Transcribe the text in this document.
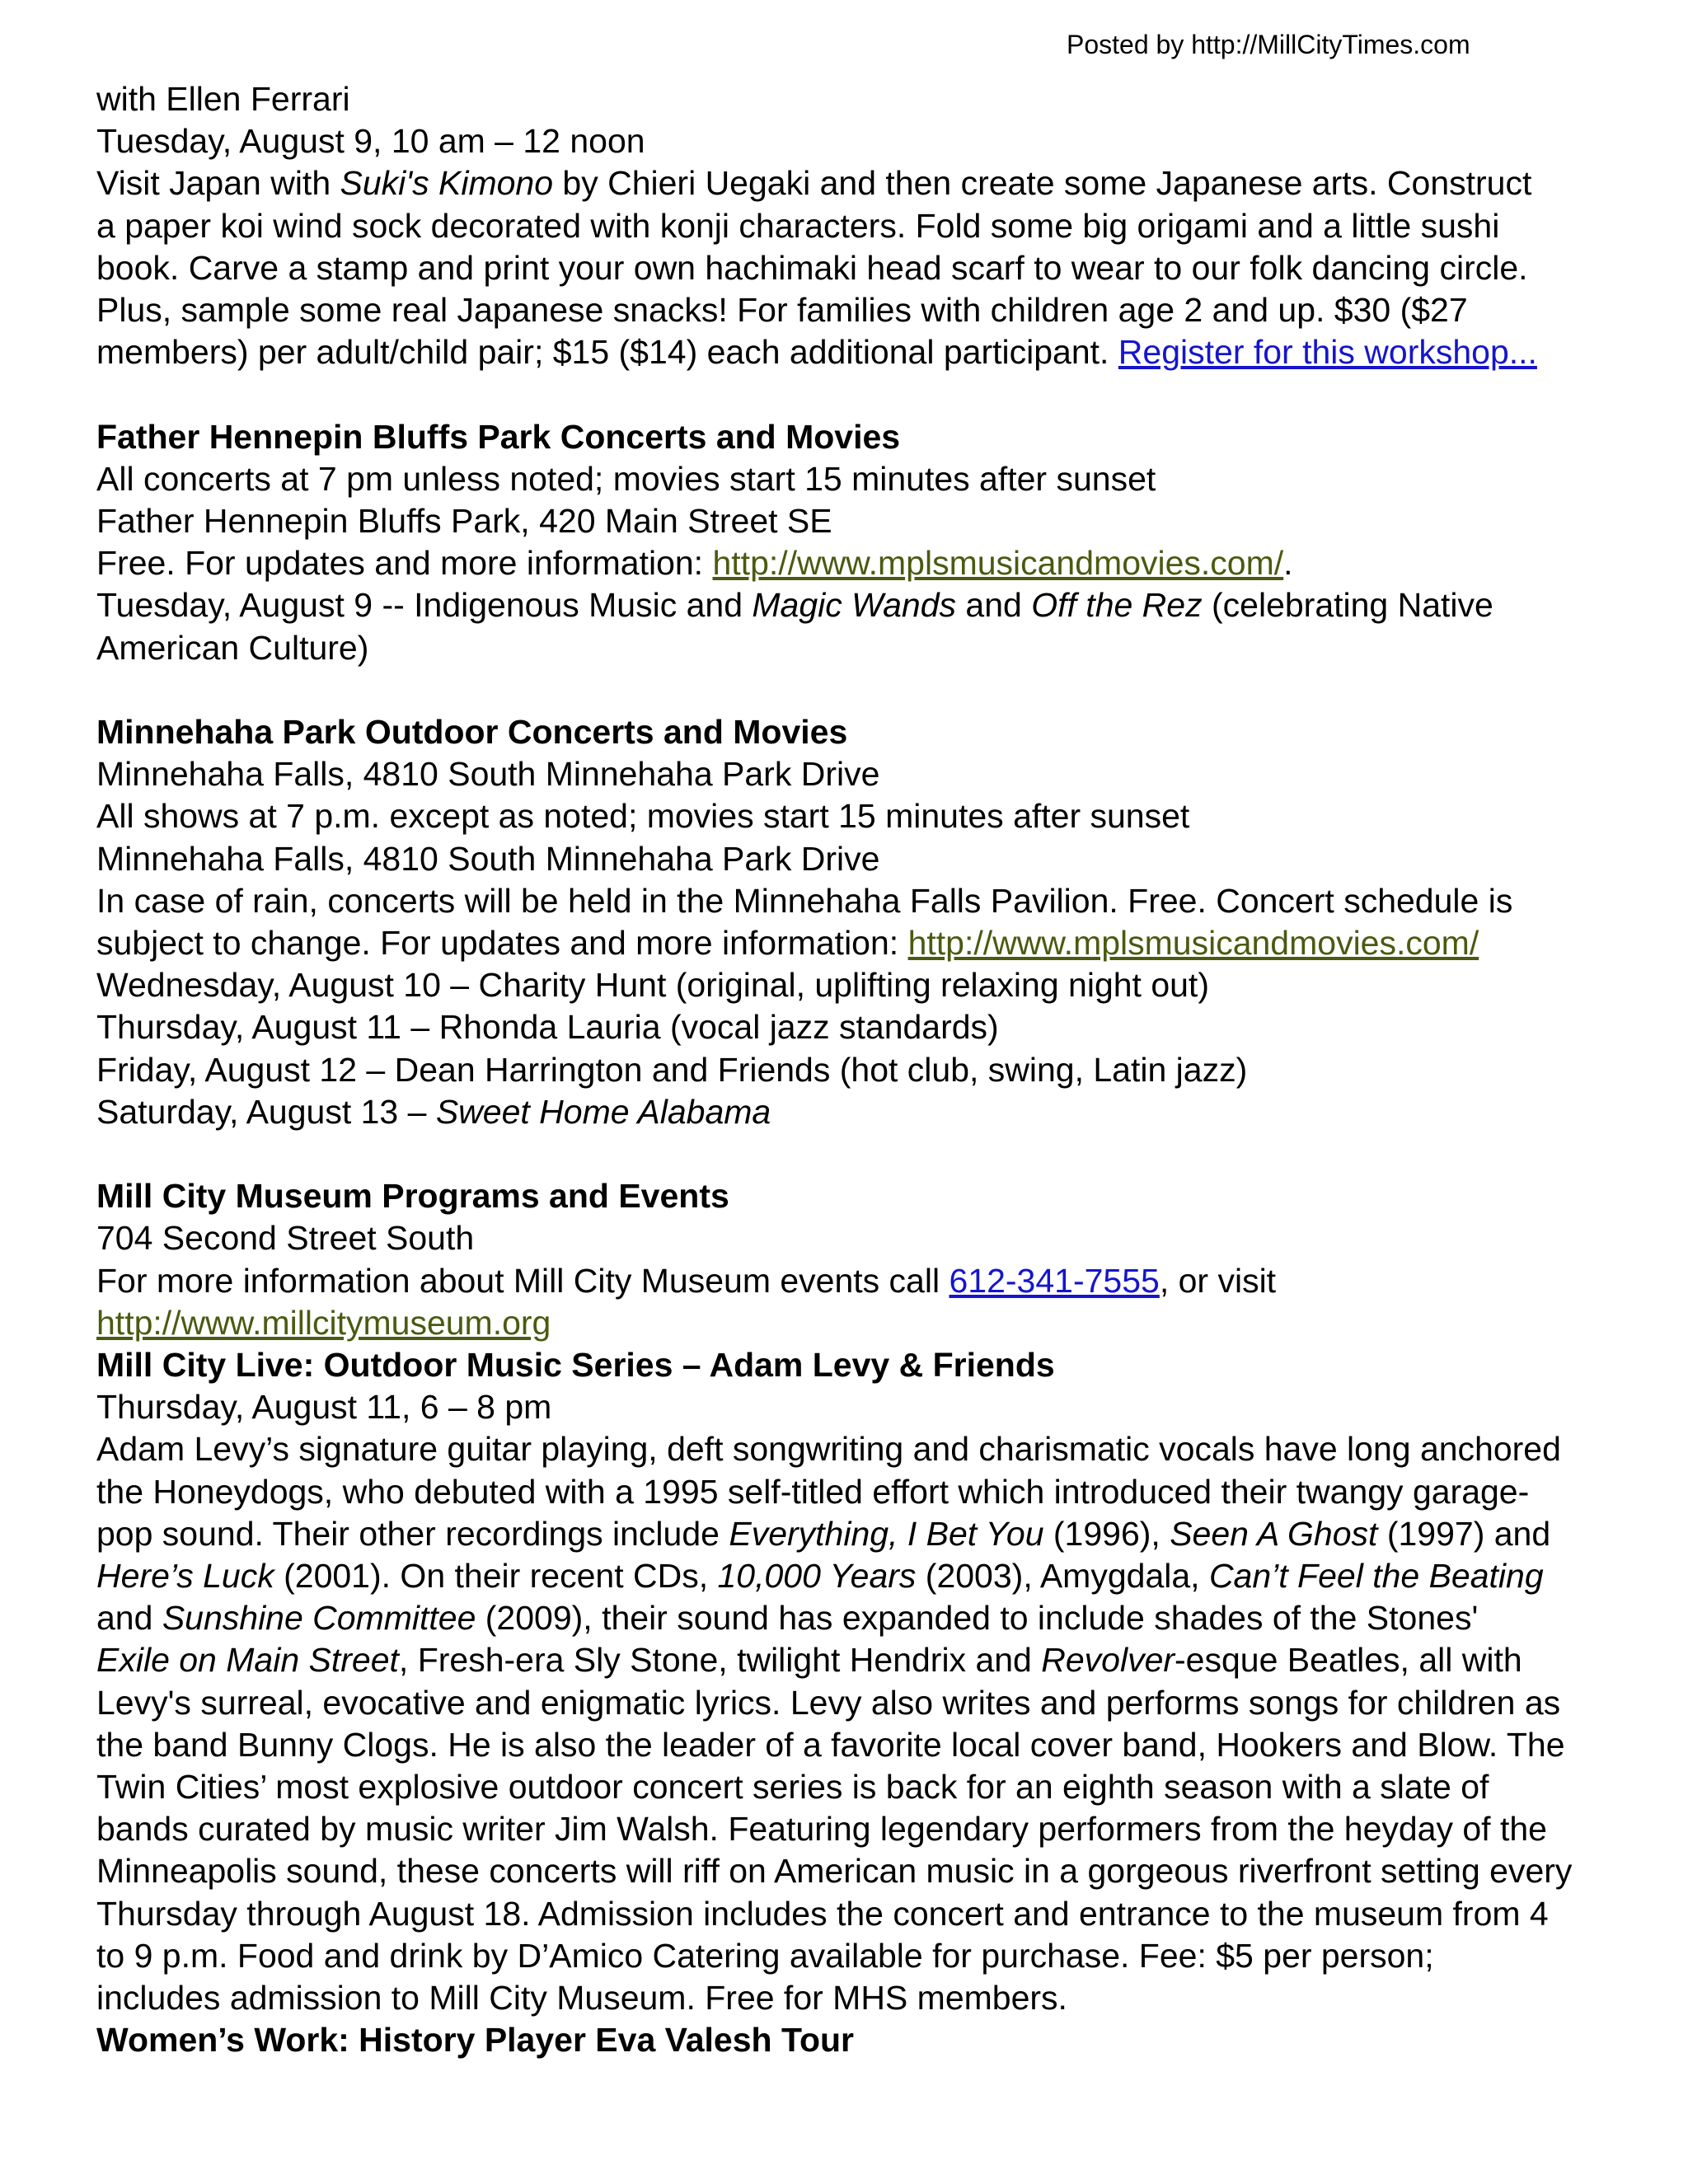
Posted by http://MillCityTimes.com

with Ellen Ferrari

Tuesday, August 9, 10 am – 12 noon

Visit Japan with Suki's Kimono by Chieri Uegaki and then create some Japanese arts. Construct

a paper koi wind sock decorated with konji characters. Fold some big origami and a little sushi

book. Carve a stamp and print your own hachimaki head scarf to wear to our folk dancing circle.

Plus, sample some real Japanese snacks! For families with children age 2 and up. $30 ($27

members) per adult/child pair; $15 ($14) each additional participant. Register for this workshop...

Father Hennepin Bluffs Park Concerts and Movies

All concerts at 7 pm unless noted; movies start 15 minutes after sunset

Father Hennepin Bluffs Park, 420 Main Street SE

Free. For updates and more information: http://www.mplsmusicandmovies.com/.

Tuesday, August 9 -- Indigenous Music and Magic Wands and Off the Rez (celebrating Native

American Culture)

Minnehaha Park Outdoor Concerts and Movies

Minnehaha Falls, 4810 South Minnehaha Park Drive

All shows at 7 p.m. except as noted; movies start 15 minutes after sunset

Minnehaha Falls, 4810 South Minnehaha Park Drive

In case of rain, concerts will be held in the Minnehaha Falls Pavilion. Free. Concert schedule is

subject to change. For updates and more information: http://www.mplsmusicandmovies.com/

Wednesday, August 10 – Charity Hunt (original, uplifting relaxing night out)

Thursday, August 11 – Rhonda Lauria (vocal jazz standards)

Friday, August 12 – Dean Harrington and Friends (hot club, swing, Latin jazz)

Saturday, August 13 – Sweet Home Alabama

Mill City Museum Programs and Events

704 Second Street South

For more information about Mill City Museum events call 612-341-7555, or visit

http://www.millcitymuseum.org

Mill City Live: Outdoor Music Series – Adam Levy & Friends

Thursday, August 11, 6 – 8 pm

Adam Levy’s signature guitar playing, deft songwriting and charismatic vocals have long anchored

the Honeydogs, who debuted with a 1995 self-titled effort which introduced their twangy garage-

pop sound. Their other recordings include Everything, I Bet You (1996), Seen A Ghost (1997) and

Here’s Luck (2001). On their recent CDs, 10,000 Years (2003), Amygdala, Can’t Feel the Beating

and Sunshine Committee (2009), their sound has expanded to include shades of the Stones'

Exile on Main Street, Fresh-era Sly Stone, twilight Hendrix and Revolver-esque Beatles, all with

Levy's surreal, evocative and enigmatic lyrics. Levy also writes and performs songs for children as

the band Bunny Clogs. He is also the leader of a favorite local cover band, Hookers and Blow. The

Twin Cities’ most explosive outdoor concert series is back for an eighth season with a slate of

bands curated by music writer Jim Walsh. Featuring legendary performers from the heyday of the

Minneapolis sound, these concerts will riff on American music in a gorgeous riverfront setting every

Thursday through August 18. Admission includes the concert and entrance to the museum from 4

to 9 p.m. Food and drink by D’Amico Catering available for purchase. Fee: $5 per person;

includes admission to Mill City Museum. Free for MHS members.

Women’s Work: History Player Eva Valesh Tour
